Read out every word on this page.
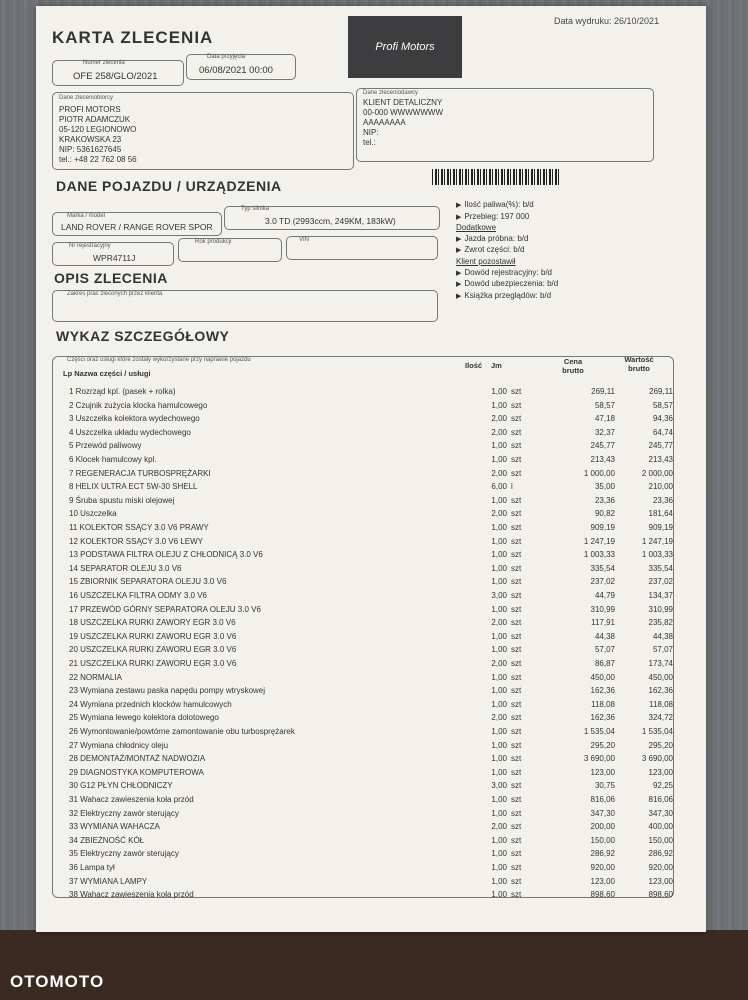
Data wydruku: 26/10/2021
KARTA ZLECENIA	Profi Motors
Numer zlecenia
OFE 258/GLO/2021
Data przyjęcia
06/08/2021 00:00
Dane zleceniobiorcy
PROFI MOTORS
PIOTR ADAMCZUK
05-120 LEGIONOWO
KRAKOWSKA 23
NIP: 5361627645
tel.: +48 22 762 08 56
Dane zleceniodawcy
KLIENT DETALICZNY
00-000 WWWWWWW
AAAAAAAA
NIP:
tel.:
DANE POJAZDU / URZĄDZENIA
Marka / model
LAND ROVER / RANGE ROVER SPOR
Typ silnika
3.0 TD (2993ccm, 249KM, 183kW)
Nr rejestracyjny
WPR4711J
Rok produkcji	VIN
▶ Ilość paliwa(%): b/d
▶ Przebieg: 197 000
Dodatkowe
▶ Jazda próbna: b/d
▶ Zwrot części: b/d
Klient pozostawił
▶ Dowód rejestracyjny: b/d
▶ Dowód ubezpieczenia: b/d
▶ Książka przeglądów: b/d
OPIS ZLECENIA
Zakres prac zleconych przez klienta
WYKAZ SZCZEGÓŁOWY
Części oraz usługi które zostały wykorzystane przy naprawie pojazdu
Lp Nazwa części / usługi
Ilość Jm	Cena brutto
Wartość brutto
1 Rozrząd kpl. (pasek + rolka)	1,00 szt	269,11	269,11
2 Czujnik zużycia klocka hamulcowego	1,00 szt	58,57	58,57
3 Uszczelka kolektora wydechowego	2,00 szt	47,18	94,36
4 Uszczelka układu wydechowego	2,00 szt	32,37	64,74
5 Przewód paliwowy	1,00 szt	245,77	245,77
6 Klocek hamulcowy kpl.	1,00 szt	213,43	213,43
7 REGENERACJA TURBOSPRĘŻARKI	2,00 szt	1 000,00	2 000,00
8 HELIX ULTRA ECT 5W-30 SHELL	6,00 l	35,00	210,00
9 Śruba spustu miski olejowej	1,00 szt	23,36	23,36
10 Uszczelka	2,00 szt	90,82	181,64
11 KOLEKTOR SSĄCY 3.0 V6 PRAWY	1,00 szt	909,19	909,19
12 KOLEKTOR SSĄCY 3.0 V6 LEWY	1,00 szt	1 247,19	1 247,19
13 PODSTAWA FILTRA OLEJU Z CHŁODNICĄ 3.0 V6	1,00 szt	1 003,33	1 003,33
14 SEPARATOR OLEJU 3.0 V6	1,00 szt	335,54	335,54
15 ZBIORNIK SEPARATORA OLEJU 3.0 V6	1,00 szt	237,02	237,02
16 USZCZELKA FILTRA ODMY 3.0 V6	3,00 szt	44,79	134,37
17 PRZEWÓD GÓRNY SEPARATORA OLEJU 3.0 V6	1,00 szt	310,99	310,99
18 USZCZELKA RURKI ZAWORY EGR 3.0 V6	2,00 szt	117,91	235,82
19 USZCZELKA RURKI ZAWORU EGR 3.0 V6	1,00 szt	44,38	44,38
20 USZCZELKA RURKI ZAWORU EGR 3.0 V6	1,00 szt	57,07	57,07
21 USZCZELKA RURKI ZAWORU EGR 3.0 V6	2,00 szt	86,87	173,74
22 NORMALIA	1,00 szt	450,00	450,00
23 Wymiana zestawu paska napędu pompy wtryskowej	1,00 szt	162,36	162,36
24 Wymiana przednich klocków hamulcowych	1,00 szt	118,08	118,08
25 Wymiana lewego kolektora dolotowego	2,00 szt	162,36	324,72
26 Wymontowanie/powtórne zamontowanie obu turbosprężarek	1,00 szt	1 535,04	1 535,04
27 Wymiana chłodnicy oleju	1,00 szt	295,20	295,20
28 DEMONTAŻ/MONTAŻ NADWOZIA	1,00 szt	3 690,00	3 690,00
29 DIAGNOSTYKA KOMPUTEROWA	1,00 szt	123,00	123,00
30 G12 PŁYN CHŁODNICZY	3,00 szt	30,75	92,25
31 Wahacz zawieszenia koła przód	1,00 szt	816,06	816,06
32 Elektryczny zawór sterujący	1,00 szt	347,30	347,30
33 WYMIANA WAHACZA	2,00 szt	200,00	400,00
34 ZBIEŻNOŚĆ KÓŁ	1,00 szt	150,00	150,00
35 Elektryczny zawór sterujący	1,00 szt	286,92	286,92
36 Lampa tył	1,00 szt	920,00	920,00
37 WYMIANA LAMPY	1,00 szt	123,00	123,00
38 Wahacz zawieszenia koła przód	1,00 szt	898,60	898,60
OTOMOTO
